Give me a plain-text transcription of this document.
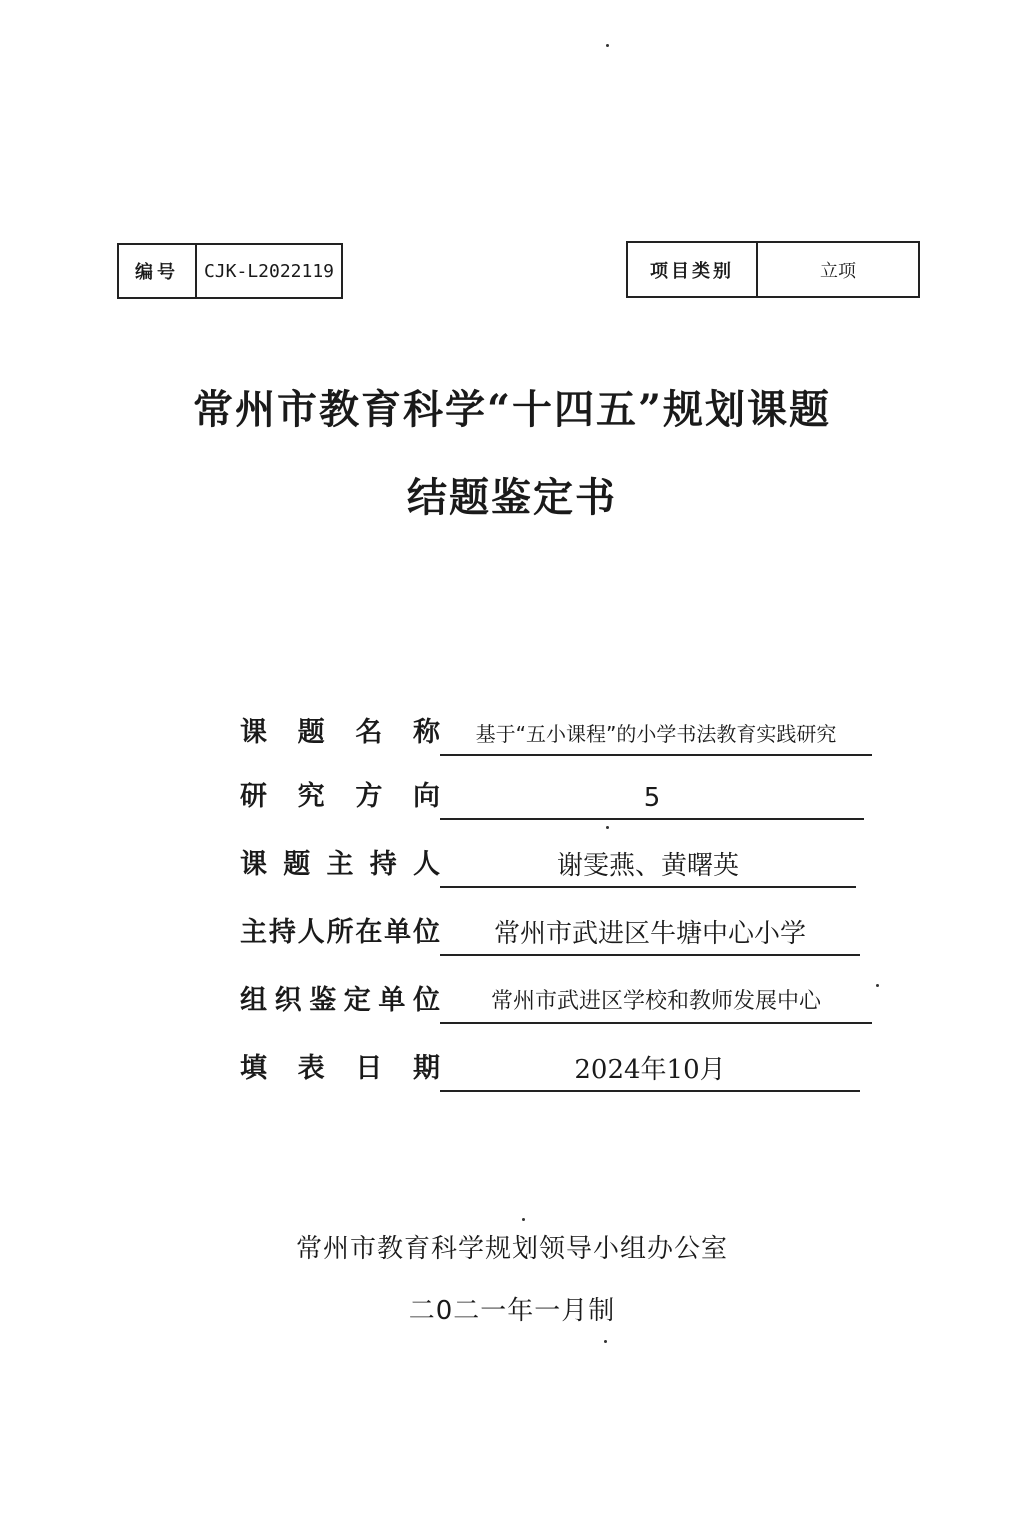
编号	CJK-L2022119	项目类别	立项
常州市教育科学“十四五”规划课题
结题鉴定书
课 题 名 称	基于“五小课程”的小学书法教育实践研究
研 究 方 向	5
课 题 主 持 人	谢雯燕、黄曙英
主 持 人 所 在 单 位	常州市武进区牛塘中心小学
组 织 鉴 定 单 位	常州市武进区学校和教师发展中心
填 表 日 期	2024年10月
常州市教育科学规划领导小组办公室
二0二一年一月制
